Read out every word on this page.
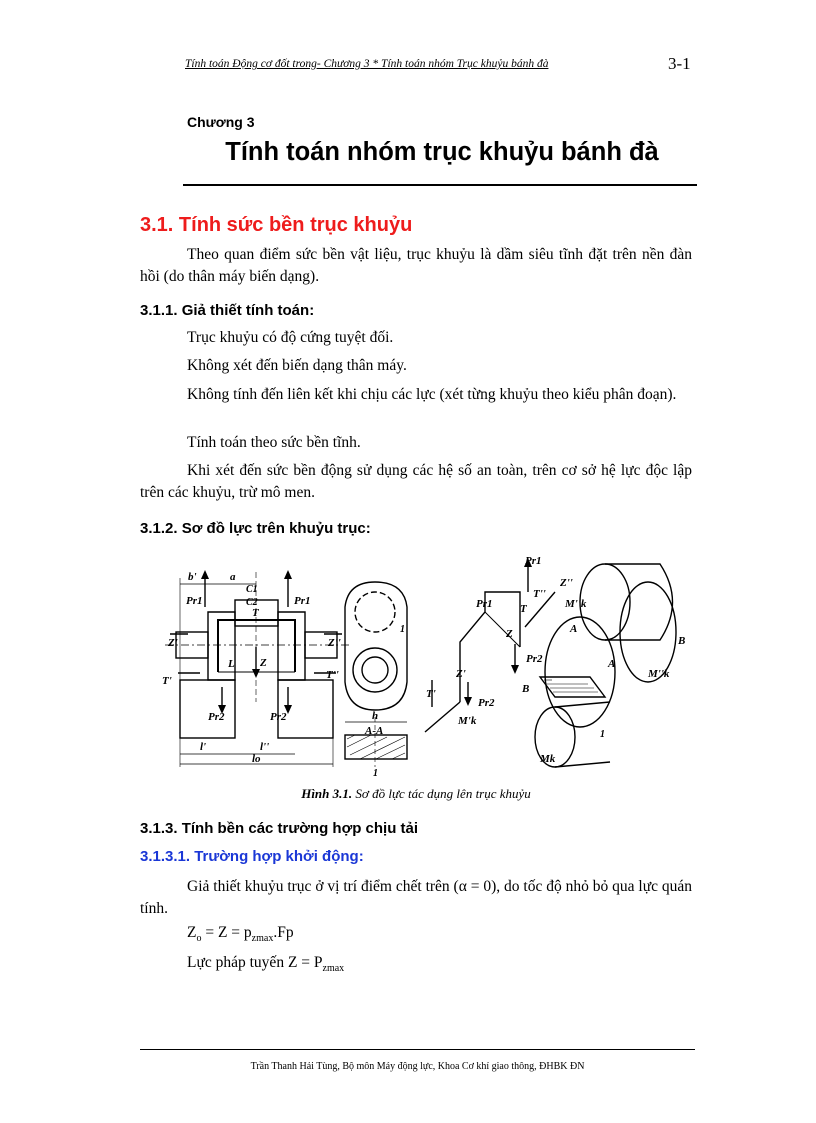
Tính toán Động cơ đốt trong- Chương 3 * Tính toán nhóm Trục khuỷu bánh đà	3-1
Chương 3
Tính toán nhóm trục khuỷu bánh đà
3.1. Tính sức bền trục khuỷu
Theo quan điểm sức bền vật liệu, trục khuỷu là dầm siêu tĩnh đặt trên nền đàn hồi (do thân máy biến dạng).
3.1.1. Giả thiết tính toán:
Trục khuỷu có độ cứng tuyệt đối.
Không xét đến biến dạng thân máy.
Không tính đến liên kết khi chịu các lực (xét từng khuỷu theo kiểu phân đoạn).
Tính toán theo sức bền tĩnh.
Khi xét đến sức bền động sử dụng các hệ số an toàn, trên cơ sở hệ lực độc lập trên các khuỷu, trừ mô men.
3.1.2. Sơ đồ lực trên khuỷu trục:
b'	a
C1
C2
Pr1	Pr1
T
Z'	Z''
T'	T''
L Z
Pr2	Pr2
l'	l''
lo
h
A-A
1
1
Pr1
Pr1
T''
Z''
M''k
T
Z
Pr2
Z'
T'
Pr2
M'k
A
B
A
B
M''k
1
Mk
Hình 3.1. Sơ đồ lực tác dụng lên trục khuỷu
3.1.3. Tính bền các trường hợp chịu tải
3.1.3.1. Trường hợp khởi động:
Giả thiết khuỷu trục ở vị trí điểm chết trên (α = 0), do tốc độ nhỏ bỏ qua lực quán tính.
$Z_o = Z = p_{zmax}.Fp$
Lực pháp tuyến $Z = P_{zmax}$
Trần Thanh Hải Tùng, Bộ môn Máy động lực, Khoa Cơ khí giao thông, ĐHBK ĐN
